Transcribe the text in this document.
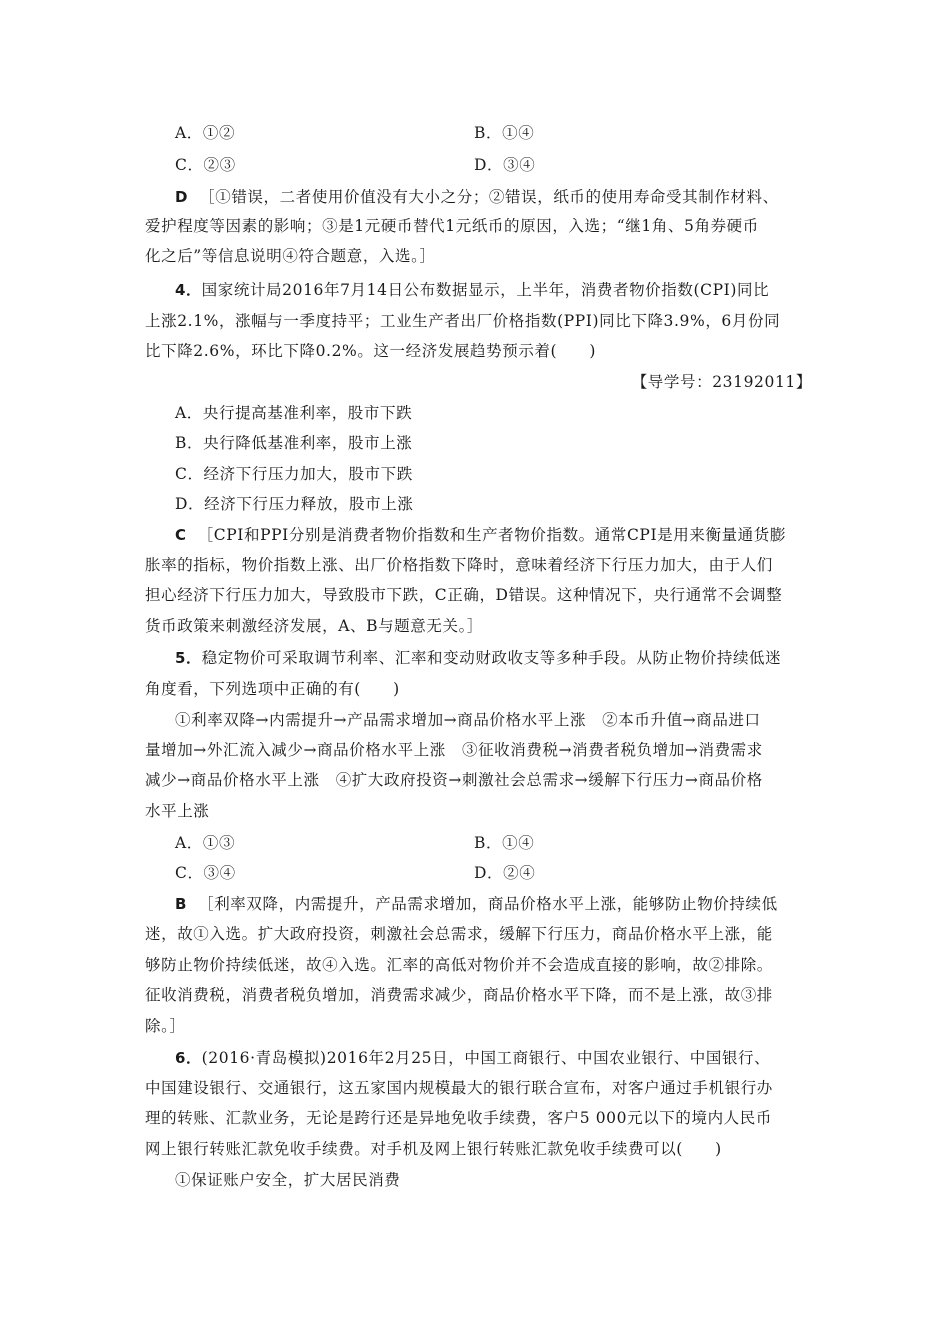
A．①②	B．①④
C．②③	D．③④
D ［①错误，二者使用价值没有大小之分；②错误，纸币的使用寿命受其制作材料、
爱护程度等因素的影响；③是1元硬币替代1元纸币的原因，入选；“继1角、5角券硬币
化之后”等信息说明④符合题意，入选。］
4．国家统计局2016年7月14日公布数据显示，上半年，消费者物价指数(CPI)同比
上涨2.1%，涨幅与一季度持平；工业生产者出厂价格指数(PPI)同比下降3.9%，6月份同
比下降2.6%，环比下降0.2%。这一经济发展趋势预示着(　　)
【导学号：23192011】
A．央行提高基准利率，股市下跌
B．央行降低基准利率，股市上涨
C．经济下行压力加大，股市下跌
D．经济下行压力释放，股市上涨
C ［CPI和PPI分别是消费者物价指数和生产者物价指数。通常CPI是用来衡量通货膨
胀率的指标，物价指数上涨、出厂价格指数下降时，意味着经济下行压力加大，由于人们
担心经济下行压力加大，导致股市下跌，C正确，D错误。这种情况下，央行通常不会调整
货币政策来刺激经济发展，A、B与题意无关。］
5．稳定物价可采取调节利率、汇率和变动财政收支等多种手段。从防止物价持续低迷
角度看，下列选项中正确的有(　　)
①利率双降→内需提升→产品需求增加→商品价格水平上涨　②本币升值→商品进口
量增加→外汇流入减少→商品价格水平上涨　③征收消费税→消费者税负增加→消费需求
减少→商品价格水平上涨　④扩大政府投资→刺激社会总需求→缓解下行压力→商品价格
水平上涨
A．①③	B．①④
C．③④	D．②④
B ［利率双降，内需提升，产品需求增加，商品价格水平上涨，能够防止物价持续低
迷，故①入选。扩大政府投资，刺激社会总需求，缓解下行压力，商品价格水平上涨，能
够防止物价持续低迷，故④入选。汇率的高低对物价并不会造成直接的影响，故②排除。
征收消费税，消费者税负增加，消费需求减少，商品价格水平下降，而不是上涨，故③排
除。］
6．(2016·青岛模拟)2016年2月25日，中国工商银行、中国农业银行、中国银行、
中国建设银行、交通银行，这五家国内规模最大的银行联合宣布，对客户通过手机银行办
理的转账、汇款业务，无论是跨行还是异地免收手续费，客户5 000元以下的境内人民币
网上银行转账汇款免收手续费。对手机及网上银行转账汇款免收手续费可以(　　)
①保证账户安全，扩大居民消费
